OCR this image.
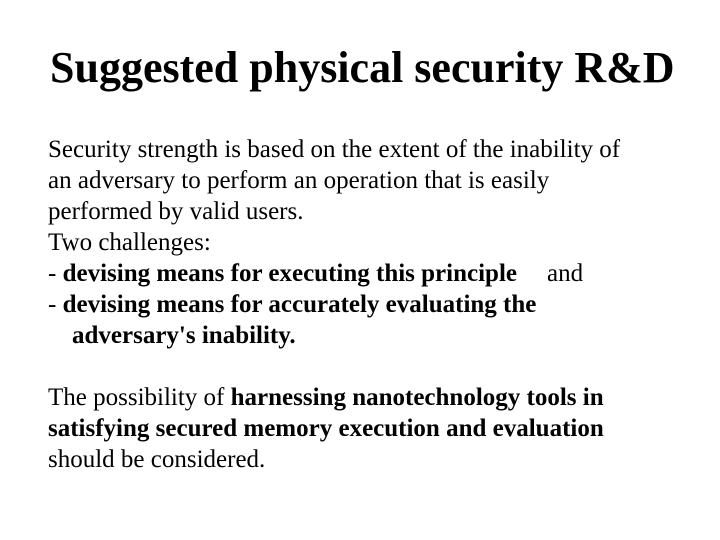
Suggested physical security R&D
Security strength is based on the extent of the inability of
an adversary to perform an operation that is easily
performed by valid users.
Two challenges:
- devising means for executing this principle and
- devising means for accurately evaluating the
adversary's inability.
The possibility of harnessing nanotechnology tools in
satisfying secured memory execution and evaluation
should be considered.
